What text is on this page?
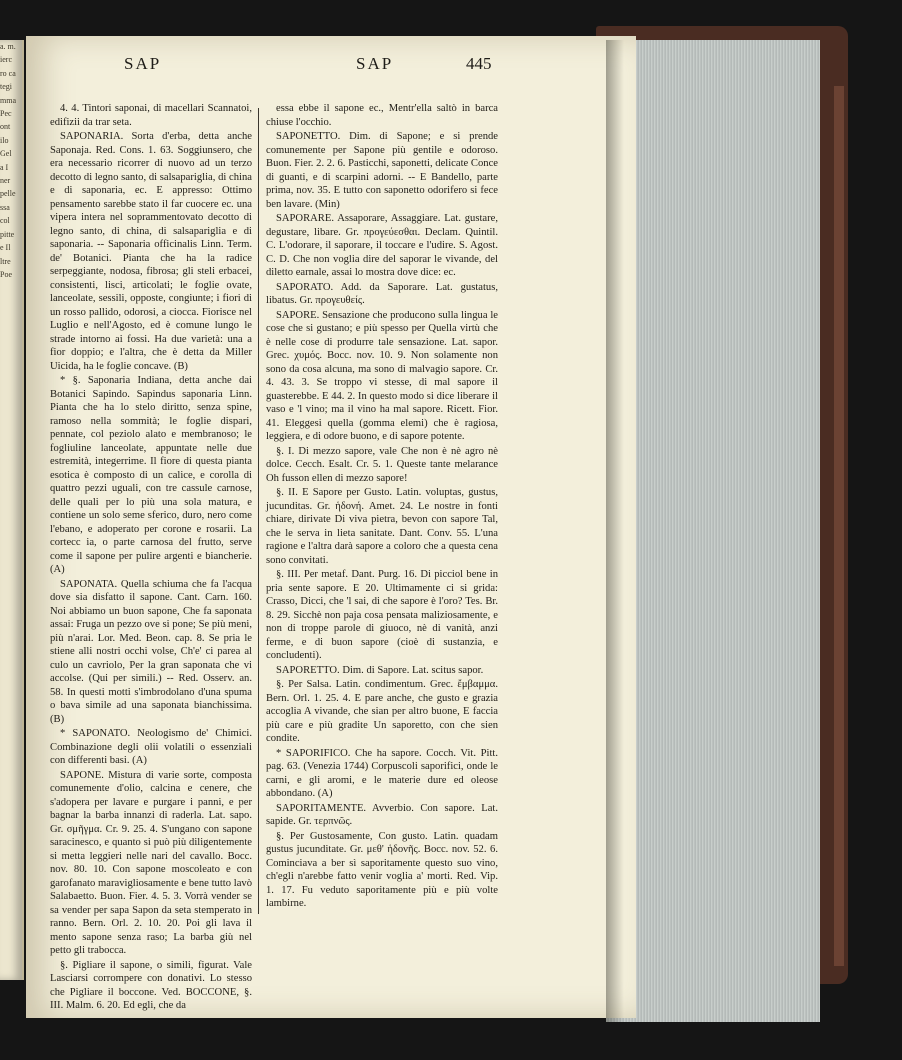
a. m.
ierc
ro ca
tegi
mma
Pec
ont
ilo
Gel
a I
ner
pelle
ssa
col
pitte
e Il
ltre
Poe
SAP	SAP	445

4. 4. Tintori saponai, di macellari Scannatoi, edifizii da trar seta.

SAPONARIA. Sorta d'erba, detta anche Saponaja. Red. Cons. 1. 63. Soggiunsero, che era necessario ricorrer di nuovo ad un terzo decotto di legno santo, di salsapariglia, di china e di saponaria, ec. E appresso: Ottimo pensamento sarebbe stato il far cuocere ec. una vipera intera nel soprammentovato decotto di legno santo, di china, di salsapariglia e di saponaria. -- Saponaria officinalis Linn. Term. de' Botanici. Pianta che ha la radice serpeggiante, nodosa, fibrosa; gli steli erbacei, consistenti, lisci, articolati; le foglie ovate, lanceolate, sessili, opposte, congiunte; i fiori di un rosso pallido, odorosi, a ciocca. Fiorisce nel Luglio e nell'Agosto, ed è comune lungo le strade intorno ai fossi. Ha due varietà: una a fior doppio; e l'altra, che è detta da Miller Uicida, ha le foglie concave. (B)

* §. Saponaria Indiana, detta anche dai Botanici Sapindo. Sapindus saponaria Linn. Pianta che ha lo stelo diritto, senza spine, ramoso nella sommità; le foglie dispari, pennate, col peziolo alato e membranoso; le fogliuline lanceolate, appuntate nelle due estremità, integerrime. Il fiore di questa pianta esotica è composto di un calice, e corolla di quattro pezzi uguali, con tre cassule carnose, delle quali per lo più una sola matura, e contiene un solo seme sferico, duro, nero come l'ebano, e adoperato per corone e rosarii. La cortecc ia, o parte carnosa del frutto, serve come il sapone per pulire argenti e biancherie. (A)

SAPONATA. Quella schiuma che fa l'acqua dove sia disfatto il sapone. Cant. Carn. 160. Noi abbiamo un buon sapone, Che fa saponata assai: Fruga un pezzo ove si pone; Se più meni, più n'arai. Lor. Med. Beon. cap. 8. Se pria le stiene alli nostri occhi volse, Ch'e' ci parea al culo un cavriolo, Per la gran saponata che vi accolse. (Qui per simili.) -- Red. Osserv. an. 58. In questi motti s'imbrodolano d'una spuma o bava simile ad una saponata bianchissima. (B)

* SAPONATO. Neologismo de' Chimici. Combinazione degli olii volatili o essenziali con differenti basi. (A)

SAPONE. Mistura di varie sorte, composta comunemente d'olio, calcina e cenere, che s'adopera per lavare e purgare i panni, e per bagnar la barba innanzi di raderla. Lat. sapo. Gr. σμῆγμα. Cr. 9. 25. 4. S'ungano con sapone saracinesco, e quanto si può più diligentemente si metta leggieri nelle nari del cavallo. Bocc. nov. 80. 10. Con sapone moscoleato e con garofanato maravigliosamente e bene tutto lavò Salabaetto. Buon. Fier. 4. 5. 3. Vorrà vender se sa vender per sapa Sapon da seta stemperato in ranno. Bern. Orl. 2. 10. 20. Poi gli lava il mento sapone senza raso; La barba giù nel petto gli trabocca.

§. Pigliare il sapone, o simili, figurat. Vale Lasciarsi corrompere con donativi. Lo stesso che Pigliare il boccone. Ved. BOCCONE, §. III. Malm. 6. 20. Ed egli, che da

essa ebbe il sapone ec., Mentr'ella saltò in barca chiuse l'occhio.

SAPONETTO. Dim. di Sapone; e si prende comunemente per Sapone più gentile e odoroso. Buon. Fier. 2. 2. 6. Pasticchi, saponetti, delicate Conce di guanti, e di scarpini adorni. -- E Bandello, parte prima, nov. 35. E tutto con saponetto odorifero si fece ben lavare. (Min)

SAPORARE. Assaporare, Assaggiare. Lat. gustare, degustare, libare. Gr. προγεύεσθαι. Declam. Quintil. C. L'odorare, il saporare, il toccare e l'udire. S. Agost. C. D. Che non voglia dire del saporar le vivande, del diletto earnale, assai lo mostra dove dice: ec.

SAPORATO. Add. da Saporare. Lat. gustatus, libatus. Gr. προγευθείς.

SAPORE. Sensazione che producono sulla lingua le cose che si gustano; e più spesso per Quella virtù che è nelle cose di produrre tale sensazione. Lat. sapor. Grec. χυμός. Bocc. nov. 10. 9. Non solamente non sono da cosa alcuna, ma sono di malvagio sapore. Cr. 4. 43. 3. Se troppo vi stesse, di mal sapore il guasterebbe. E 44. 2. In questo modo si dice liberare il vaso e 'l vino; ma il vino ha mal sapore. Ricett. Fior. 41. Eleggesi quella (gomma elemi) che è ragiosa, leggiera, e di odore buono, e di sapore potente.

§. I. Di mezzo sapore, vale Che non è nè agro nè dolce. Cecch. Esalt. Cr. 5. 1. Queste tante melarance Oh fusson ellen di mezzo sapore!

§. II. E Sapore per Gusto. Latin. voluptas, gustus, jucunditas. Gr. ἡδονή. Amet. 24. Le nostre in fonti chiare, dirivate Di viva pietra, bevon con sapore Tal, che le serva in lieta sanitate. Dant. Conv. 55. L'una ragione e l'altra darà sapore a coloro che a questa cena sono convitati.

§. III. Per metaf. Dant. Purg. 16. Di picciol bene in pria sente sapore. E 20. Ultimamente ci si grida: Crasso, Dicci, che 'l sai, di che sapore è l'oro? Tes. Br. 8. 29. Sicchè non paja cosa pensata maliziosamente, e non di troppe parole di giuoco, nè di vanità, anzi ferme, e di buon sapore (cioè di sustanzia, e concludenti).

SAPORETTO. Dim. di Sapore. Lat. scitus sapor.

§. Per Salsa. Latin. condimentum. Grec. ἔμβαμμα. Bern. Orl. 1. 25. 4. E pare anche, che gusto e grazia accoglia A vivande, che sian per altro buone, E faccia più care e più gradite Un saporetto, con che sien condite.

* SAPORIFICO. Che ha sapore. Cocch. Vit. Pitt. pag. 63. (Venezia 1744) Corpuscoli saporifici, onde le carni, e gli aromi, e le materie dure ed oleose abbondano. (A)

SAPORITAMENTE. Avverbio. Con sapore. Lat. sapide. Gr. τερπνῶς.

§. Per Gustosamente, Con gusto. Latin. quadam gustus jucunditate. Gr. μεθ' ἡδονῆς. Bocc. nov. 52. 6. Cominciava a ber sì saporitamente questo suo vino, ch'egli n'arebbe fatto venir voglia a' morti. Red. Vip. 1. 17. Fu veduto saporitamente più e più volte lambirne.
